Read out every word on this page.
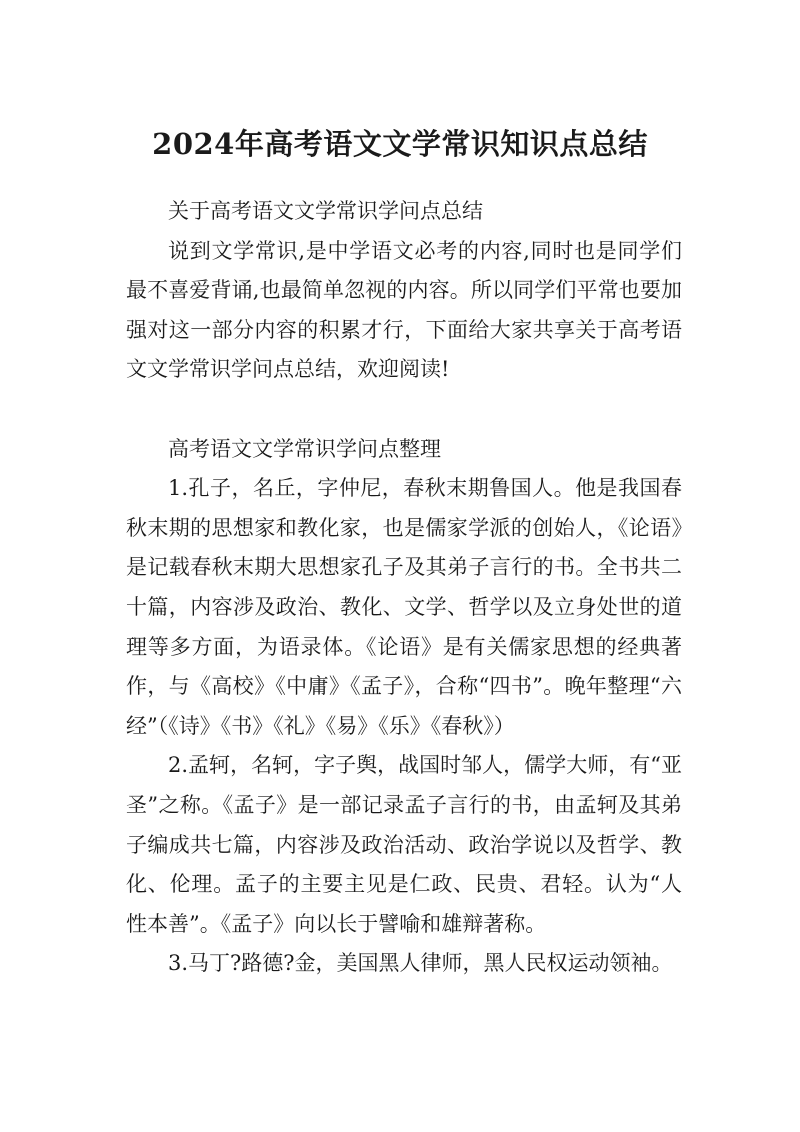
2024年高考语文文学常识知识点总结

关于高考语文文学常识学问点总结

说到文学常识,是中学语文必考的内容,同时也是同学们最不喜爱背诵,也最简单忽视的内容。所以同学们平常也要加强对这一部分内容的积累才行，下面给大家共享关于高考语文文学常识学问点总结，欢迎阅读!

高考语文文学常识学问点整理

1.孔子，名丘，字仲尼，春秋末期鲁国人。他是我国春秋末期的思想家和教化家，也是儒家学派的创始人，《论语》是记载春秋末期大思想家孔子及其弟子言行的书。全书共二十篇，内容涉及政治、教化、文学、哲学以及立身处世的道理等多方面，为语录体。《论语》是有关儒家思想的经典著作，与《高校》《中庸》《孟子》，合称“四书”。晚年整理“六经”（《诗》《书》《礼》《易》《乐》《春秋》）

2.孟轲，名轲，字子舆，战国时邹人，儒学大师，有“亚圣”之称。《孟子》是一部记录孟子言行的书，由孟轲及其弟子编成共七篇，内容涉及政治活动、政治学说以及哲学、教化、伦理。孟子的主要主见是仁政、民贵、君轻。认为“人性本善”。《孟子》向以长于譬喻和雄辩著称。

3.马丁?路德?金，美国黑人律师，黑人民权运动领袖。
